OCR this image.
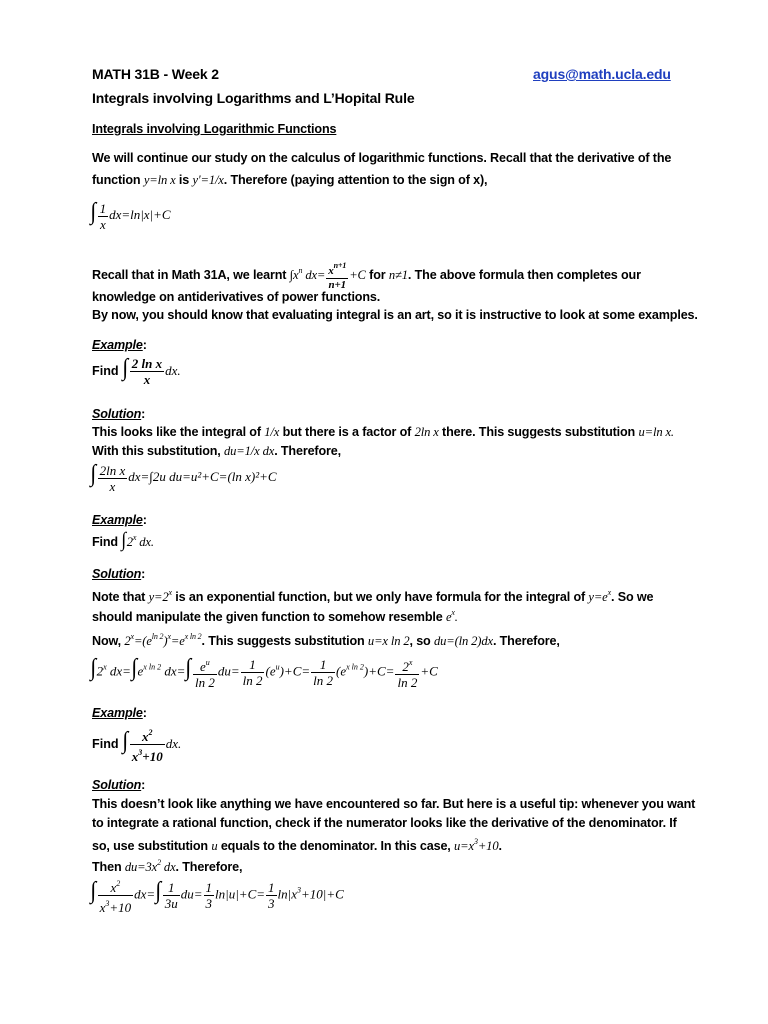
MATH 31B - Week 2	agus@math.ucla.edu
Integrals involving Logarithms and L’Hopital Rule
Integrals involving Logarithmic Functions
We will continue our study on the calculus of logarithmic functions. Recall that the derivative of the
function y=ln x is y'=1/x. Therefore (paying attention to the sign of x),
∫ $\frac{1}{x} dx=\ln|x|+C$
Recall that in Math 31A, we learnt $\int x^n$ $dx= \frac{x^{n+1}}{n+1} +C$ for n≠1. The above formula then completes our
knowledge on antiderivatives of power functions.
By now, you should know that evaluating integral is an art, so it is instructive to look at some examples.
Example:
Find ∫ $\frac{\text{2 ln x}}{x}$ dx.
Solution:
This looks like the integral of 1/x but there is a factor of 2ln x there. This suggests substitution u=ln x.
With this substitution, du=1/x dx. Therefore,
∫ $\frac{\text{2ln x}}{x} dx=\int 2u$ du=u²+C=(ln x)²+C
Example:
Find ∫2$^x$ dx.
Solution:
Note that $y=2^x$ is an exponential function, but we only have formula for the integral of $y=e^x$. So we
should manipulate the given function to somehow resemble $e^x$.
Now, $2^x=(e^{ln 2})^x=e^{x ln 2}$. This suggests substitution u=x ln 2, so du=(ln 2)dx. Therefore,
∫2$^x$ $dx=\int e^{x ln 2}$ $dx=\int \frac{e^u}{\ln 2} du= \frac{1}{\ln 2} (e^u)+C= \frac{1}{\ln 2} (e^{x ln 2})+C= \frac{2^x}{\ln 2} +C$
Example:
Find ∫ $\frac{x^2}{x^3+10}$ dx.
Solution:
This doesn’t look like anything we have encountered so far. But here is a useful tip: whenever you want
to integrate a rational function, check if the numerator looks like the derivative of the denominator. If
so, use substitution u equals to the denominator. In this case, $u=x^3+10$.
Then $du=3x^2$ dx. Therefore,
∫ $\frac{x^2}{x^3+10} dx=\int \frac{1}{3u} du= \frac{1}{3} \ln|u|+C= \frac{1}{3} \ln|x^3+10|+C$
